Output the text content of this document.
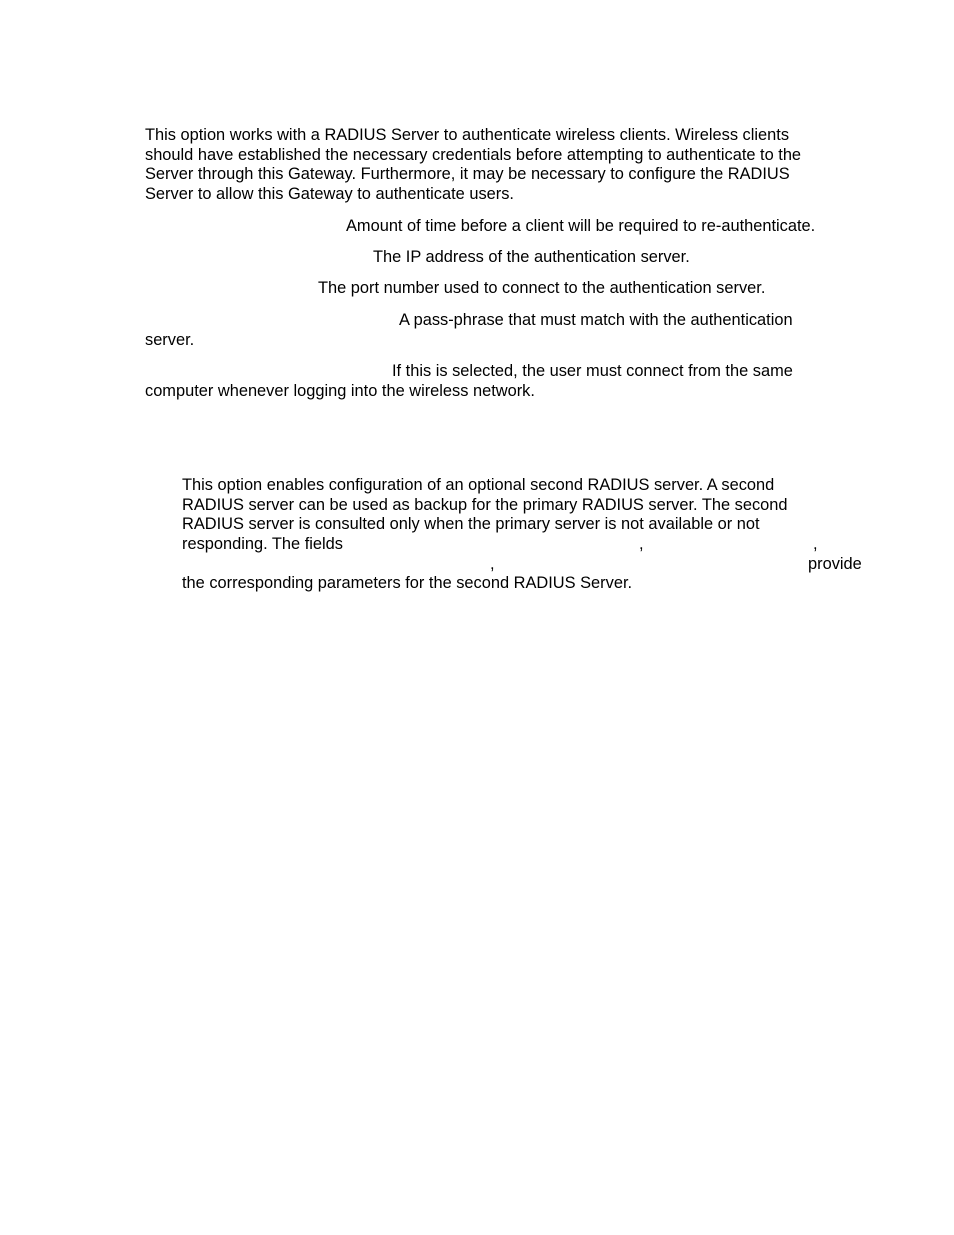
This option works with a RADIUS Server to authenticate wireless clients. Wireless clients
should have established the necessary credentials before attempting to authenticate to the
Server through this Gateway. Furthermore, it may be necessary to configure the RADIUS
Server to allow this Gateway to authenticate users.
Amount of time before a client will be required to re-authenticate.
The IP address of the authentication server.
The port number used to connect to the authentication server.
A pass-phrase that must match with the authentication
server.
If this is selected, the user must connect from the same
computer whenever logging into the wireless network.
This option enables configuration of an optional second RADIUS server. A second
RADIUS server can be used as backup for the primary RADIUS server. The second
RADIUS server is consulted only when the primary server is not available or not
responding. The fields	,	,
,	provide
the corresponding parameters for the second RADIUS Server.
